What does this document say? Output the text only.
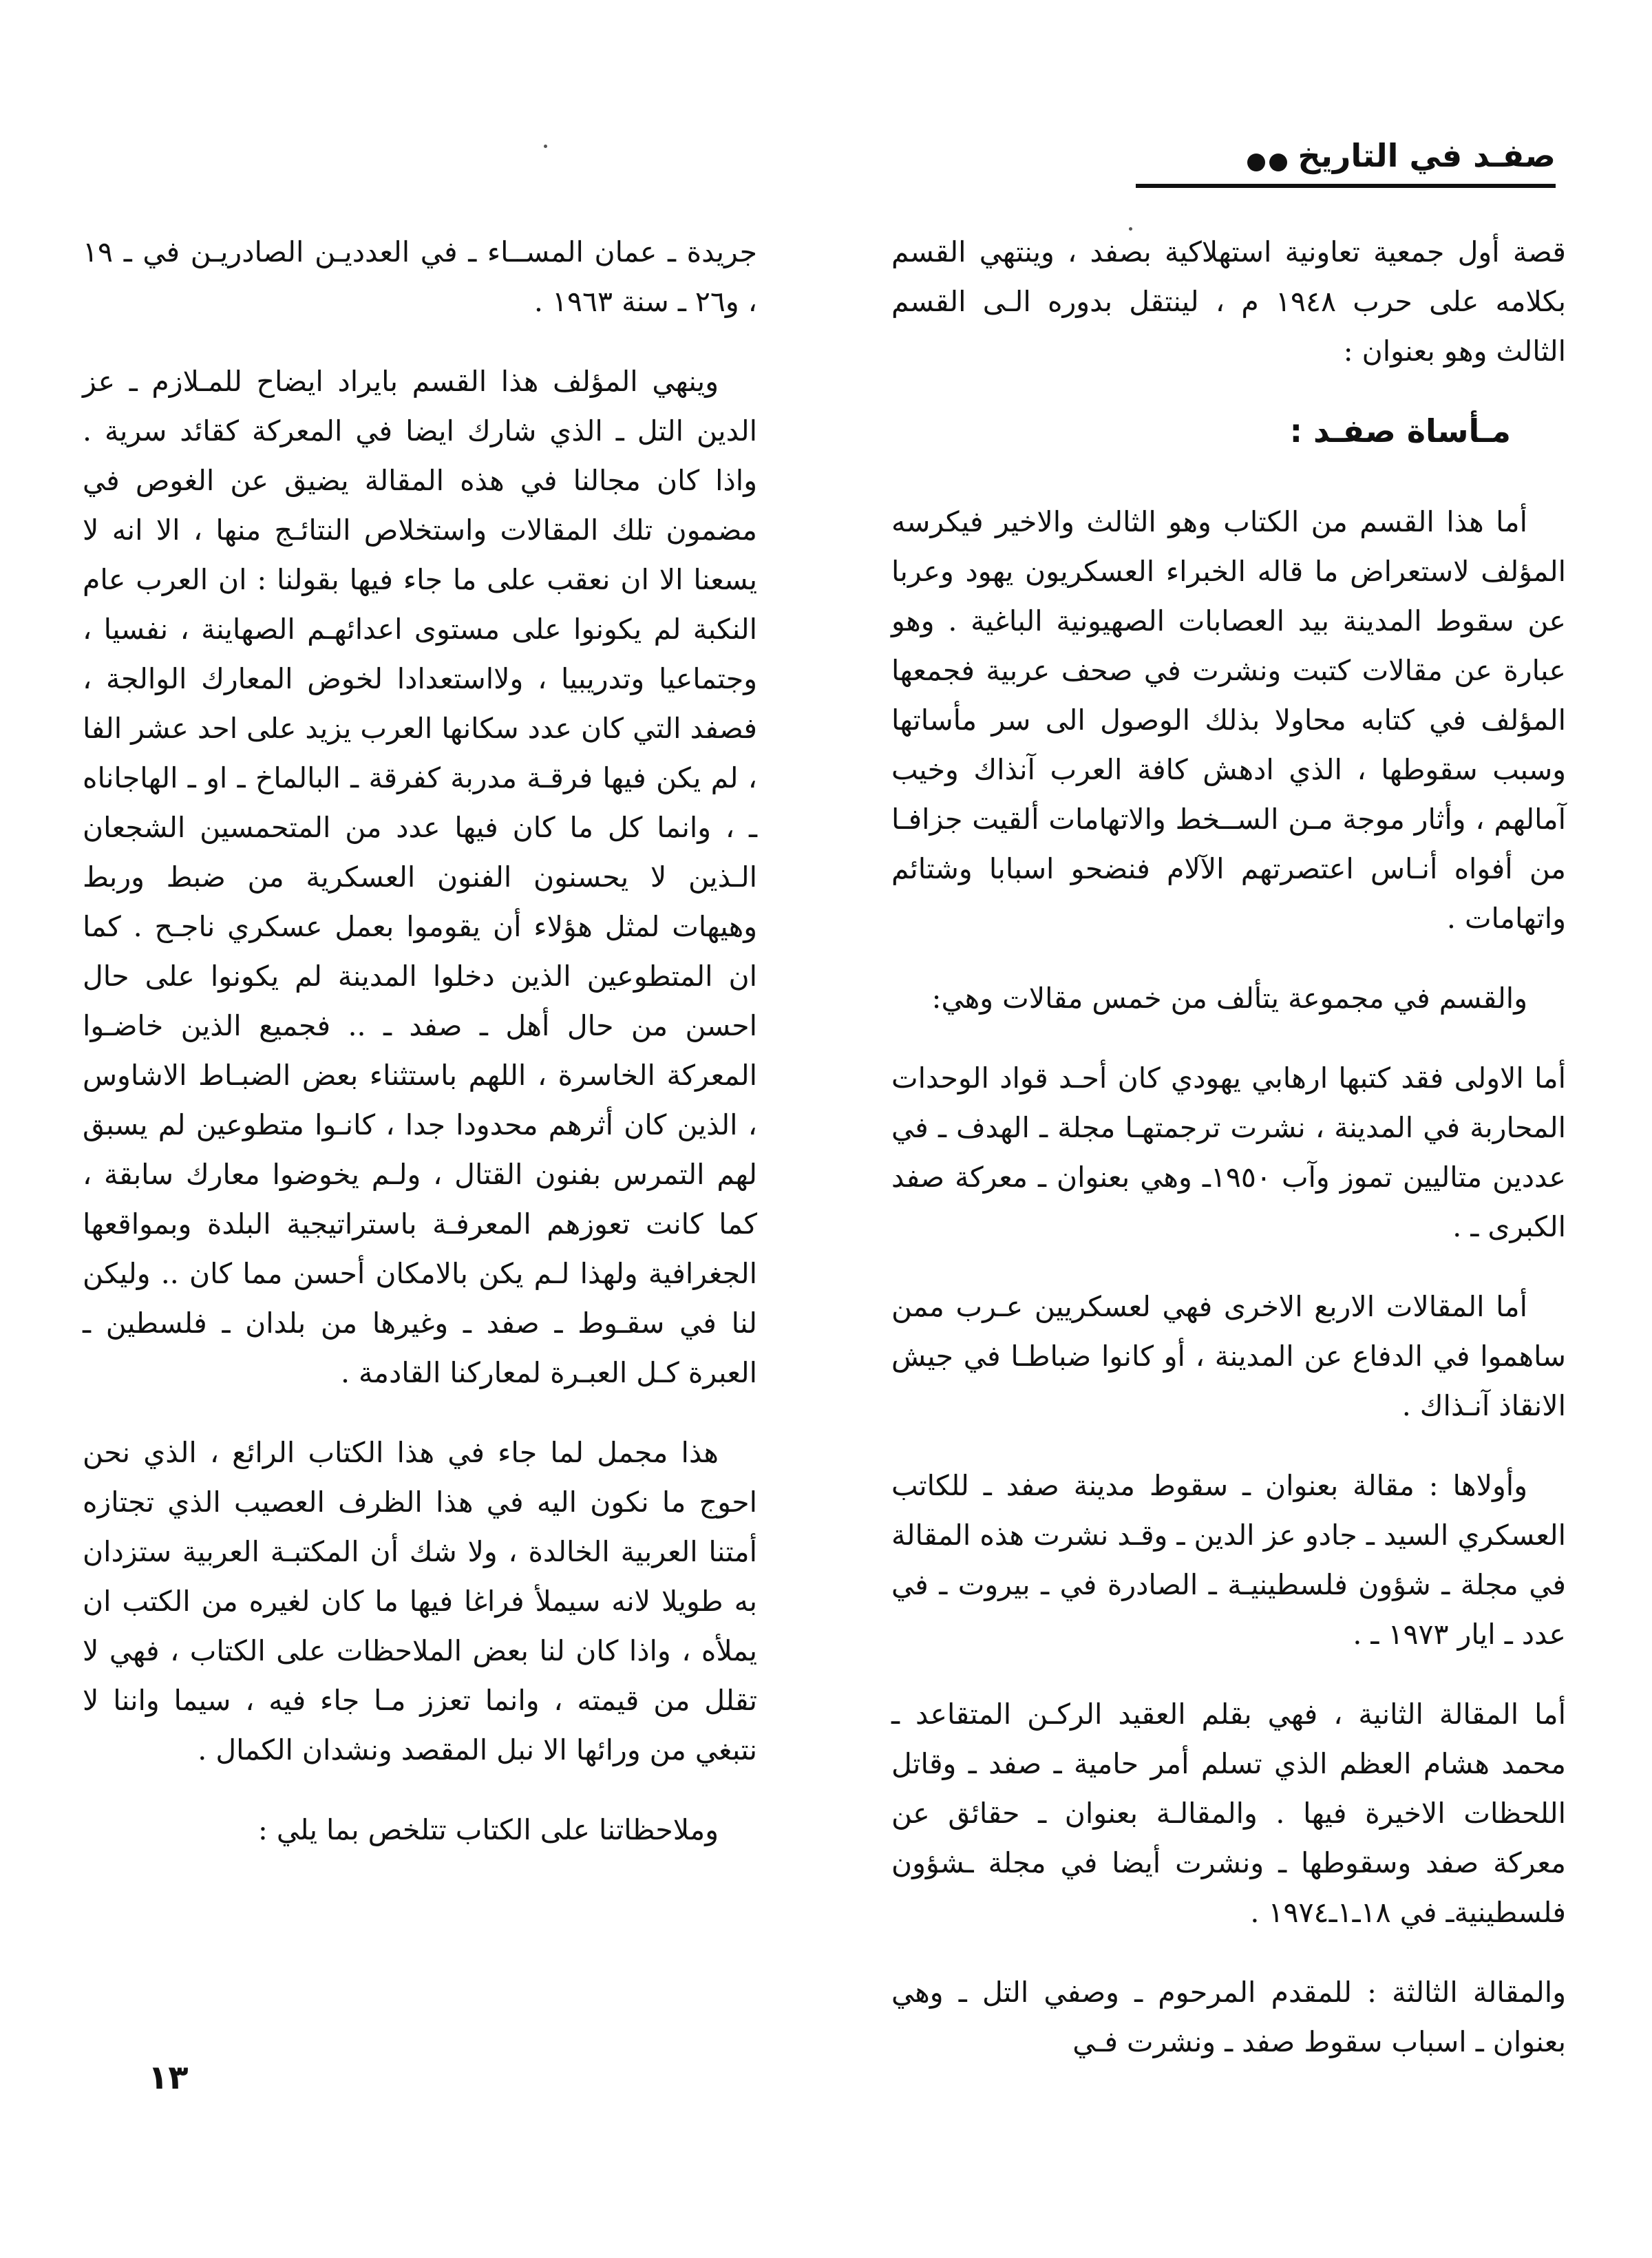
صفـد في التاريخ

قصة أول جمعية تعاونية استهلاكية بصفد ، وينتهي القسم بكلامه على حرب ١٩٤٨ م ، لينتقل بدوره الـى القسم الثالث وهو بعنوان :

مـأساة صفـد :

أما هذا القسم من الكتاب وهو الثالث والاخير فيكرسه المؤلف لاستعراض ما قاله الخبراء العسكريون يهود وعربا عن سقوط المدينة بيد العصابات الصهيونية الباغية . وهو عبارة عن مقالات كتبت ونشرت في صحف عربية فجمعها المؤلف في كتابه محاولا بذلك الوصول الى سر مأساتها وسبب سقوطها ، الذي ادهش كافة العرب آنذاك وخيب آمالهم ، وأثار موجة مـن الســخط والاتهامات ألقيت جزافـا من أفواه أنـاس اعتصرتهم الآلام فنضحو اسبابا وشتائم واتهامات .

والقسم في مجموعة يتألف من خمس مقالات وهي:

أما الاولى فقد كتبها ارهابي يهودي كان أحـد قواد الوحدات المحاربة في المدينة ، نشرت ترجمتهـا مجلة ـ الهدف ـ في عددين متاليين تموز وآب ١٩٥٠ـ وهي بعنوان ـ معركة صفد الكبرى ـ .

أما المقالات الاربع الاخرى فهي لعسكريين عـرب ممن ساهموا في الدفاع عن المدينة ، أو كانوا ضباطـا في جيش الانقاذ آنـذاك .

وأولاها : مقالة بعنوان ـ سقوط مدينة صفد ـ للكاتب العسكري السيد ـ جادو عز الدين ـ وقـد نشرت هذه المقالة في مجلة ـ شؤون فلسطينيـة ـ الصادرة في ـ بيروت ـ في عدد ـ ايار ١٩٧٣ ـ .

أما المقالة الثانية ، فهي بقلم العقيد الركـن المتقاعد ـ محمد هشام العظم الذي تسلم أمر حامية ـ صفد ـ وقاتل اللحظات الاخيرة فيها . والمقالـة بعنوان ـ حقائق عن معركة صفد وسقوطها ـ ونشرت أيضا في مجلة ـشؤون فلسطينيةـ في ١٨ـ١ـ١٩٧٤ .

والمقالة الثالثة : للمقدم المرحوم ـ وصفي التل ـ وهي بعنوان ـ اسباب سقوط صفد ـ ونشرت فـي

جريدة ـ عمان المســاء ـ في العدديـن الصادريـن في ـ ١٩ ، و٢٦ ـ سنة ١٩٦٣ .

وينهي المؤلف هذا القسم بايراد ايضاح للمـلازم ـ عز الدين التل ـ الذي شارك ايضا في المعركة كقائد سرية . واذا كان مجالنا في هذه المقالة يضيق عن الغوص في مضمون تلك المقالات واستخلاص النتائـج منها ، الا انه لا يسعنا الا ان نعقب على ما جاء فيها بقولنا : ان العرب عام النكبة لم يكونوا على مستوى اعدائهـم الصهاينة ، نفسيا ، وجتماعيا وتدريبيا ، ولااستعدادا لخوض المعارك الوالجة ، فصفد التي كان عدد سكانها العرب يزيد على احد عشر الفا ، لم يكن فيها فرقـة مدربة كفرقة ـ البالماخ ـ او ـ الهاجاناه ـ ، وانما كل ما كان فيها عدد من المتحمسين الشجعان الـذين لا يحسنون الفنون العسكرية من ضبط وربط وهيهات لمثل هؤلاء أن يقوموا بعمل عسكري ناجـح . كما ان المتطوعين الذين دخلوا المدينة لم يكونوا على حال احسن من حال أهل ـ صفد ـ .. فجميع الذين خاضـوا المعركة الخاسرة ، اللهم باستثناء بعض الضبـاط الاشاوس ، الذين كان أثرهم محدودا جدا ، كانـوا متطوعين لم يسبق لهم التمرس بفنون القتال ، ولـم يخوضوا معارك سابقة ، كما كانت تعوزهم المعرفـة باستراتيجية البلدة وبمواقعها الجغرافية ولهذا لـم يكن بالامكان أحسن مما كان .. وليكن لنا في سقـوط ـ صفد ـ وغيرها من بلدان ـ فلسطين ـ العبرة كـل العبـرة لمعاركنا القادمة .

هذا مجمل لما جاء في هذا الكتاب الرائع ، الذي نحن احوج ما نكون اليه في هذا الظرف العصيب الذي تجتازه أمتنا العربية الخالدة ، ولا شك أن المكتبـة العربية ستزدان به طويلا لانه سيملأ فراغا فيها ما كان لغيره من الكتب ان يملأه ، واذا كان لنا بعض الملاحظات على الكتاب ، فهي لا تقلل من قيمته ، وانما تعزز مـا جاء فيه ، سيما واننا لا نتبغي من ورائها الا نبل المقصد ونشدان الكمال .

وملاحظاتنا على الكتاب تتلخص بما يلي :

١٣
